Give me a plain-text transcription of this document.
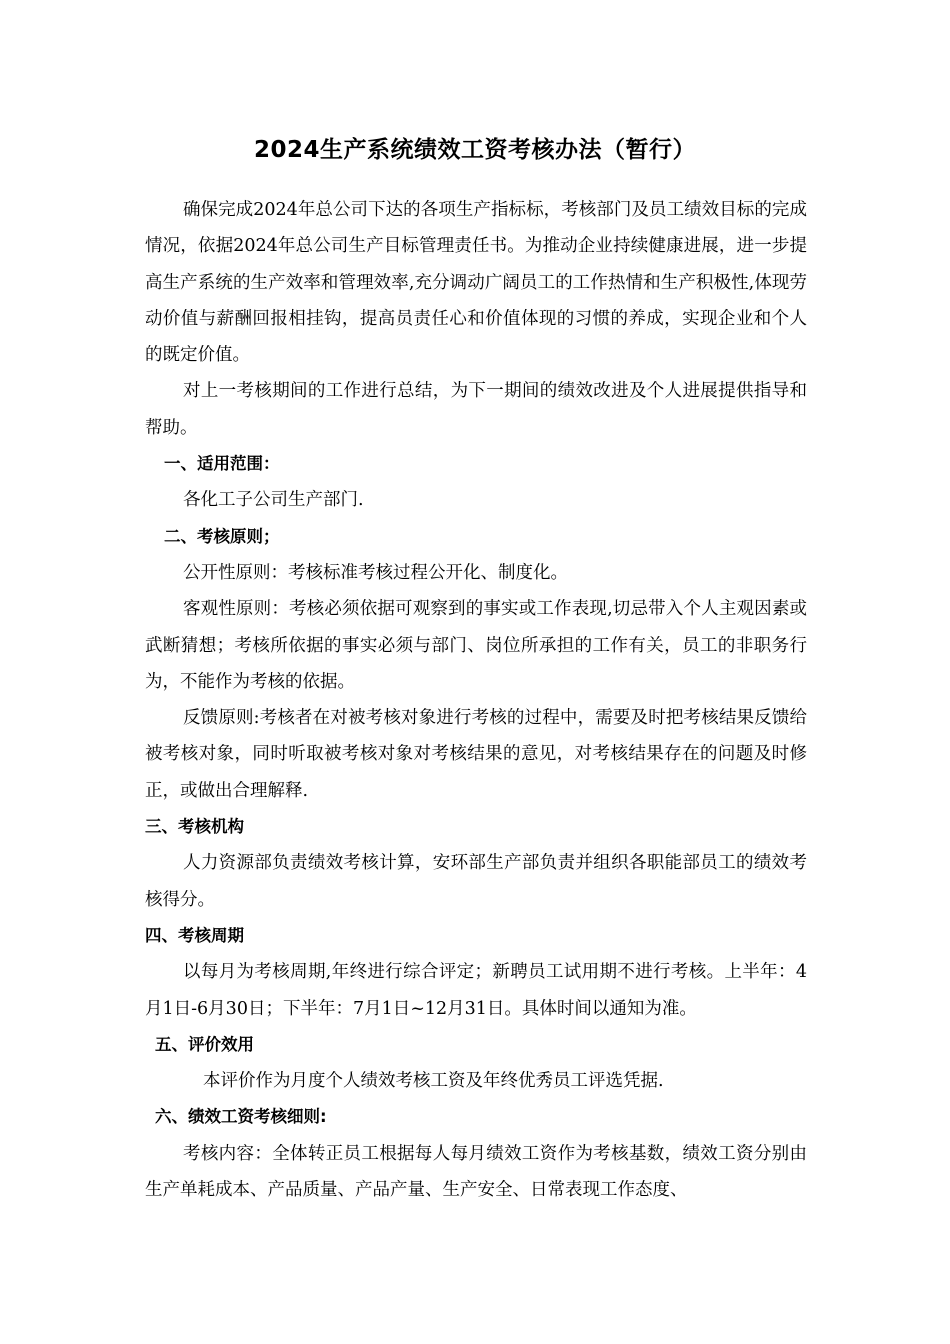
2024生产系统绩效工资考核办法（暂行）

确保完成2024年总公司下达的各项生产指标标，考核部门及员工绩效目标的完成情况，依据2024年总公司生产目标管理责任书。为推动企业持续健康进展，进一步提高生产系统的生产效率和管理效率,充分调动广阔员工的工作热情和生产积极性,体现劳动价值与薪酬回报相挂钩，提高员责任心和价值体现的习惯的养成，实现企业和个人的既定价值。

对上一考核期间的工作进行总结，为下一期间的绩效改进及个人进展提供指导和帮助。

一、适用范围：

各化工子公司生产部门.

二、考核原则；

公开性原则：考核标准考核过程公开化、制度化。

客观性原则：考核必须依据可观察到的事实或工作表现,切忌带入个人主观因素或武断猜想；考核所依据的事实必须与部门、岗位所承担的工作有关，员工的非职务行为，不能作为考核的依据。

反馈原则:考核者在对被考核对象进行考核的过程中，需要及时把考核结果反馈给被考核对象，同时听取被考核对象对考核结果的意见，对考核结果存在的问题及时修正，或做出合理解释.

三、考核机构

人力资源部负责绩效考核计算，安环部生产部负责并组织各职能部员工的绩效考核得分。

四、考核周期

以每月为考核周期,年终进行综合评定；新聘员工试用期不进行考核。上半年：4月1日-6月30日；下半年：7月1日~12月31日。具体时间以通知为准。

五、评价效用

本评价作为月度个人绩效考核工资及年终优秀员工评选凭据.

六、绩效工资考核细则:

考核内容：全体转正员工根据每人每月绩效工资作为考核基数，绩效工资分别由生产单耗成本、产品质量、产品产量、生产安全、日常表现工作态度、
